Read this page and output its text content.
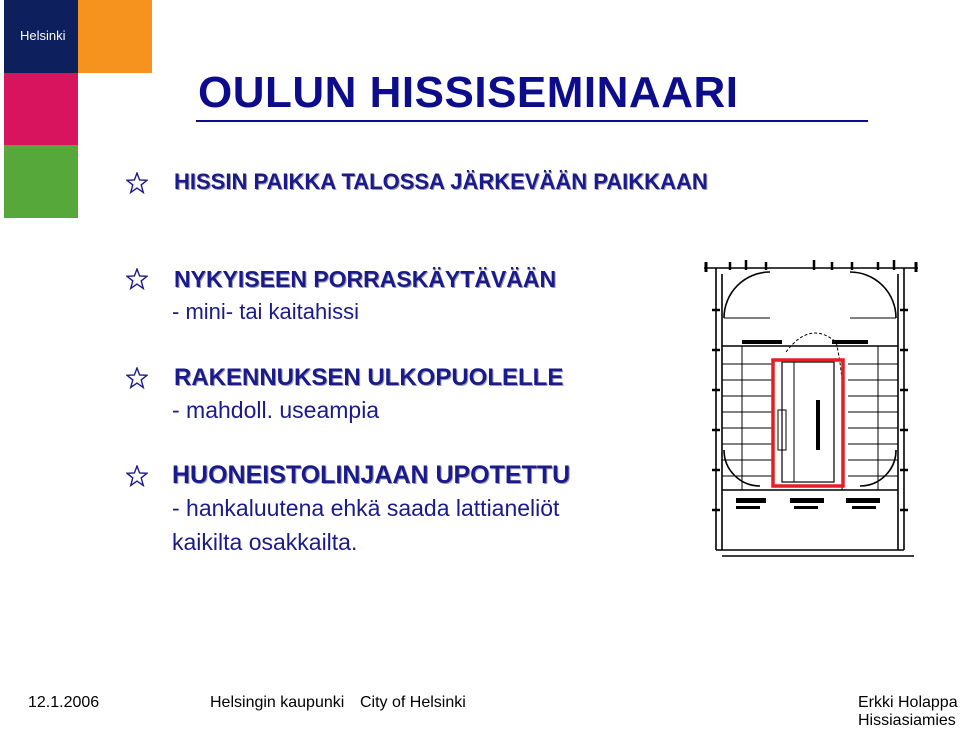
Helsinki
OULUN HISSISEMINAARI
HISSIN PAIKKA TALOSSA JÄRKEVÄÄN PAIKKAAN
NYKYISEEN PORRASKÄYTÄVÄÄN
- mini- tai kaitahissi
RAKENNUKSEN ULKOPUOLELLE
- mahdoll. useampia
HUONEISTOLINJAAN UPOTETTU
- hankaluutena ehkä saada lattianeliöt
kaikilta osakkailta.
12.1.2006	Helsingin kaupunki City of Helsinki	Erkki Holappa
Hissiasiamies
